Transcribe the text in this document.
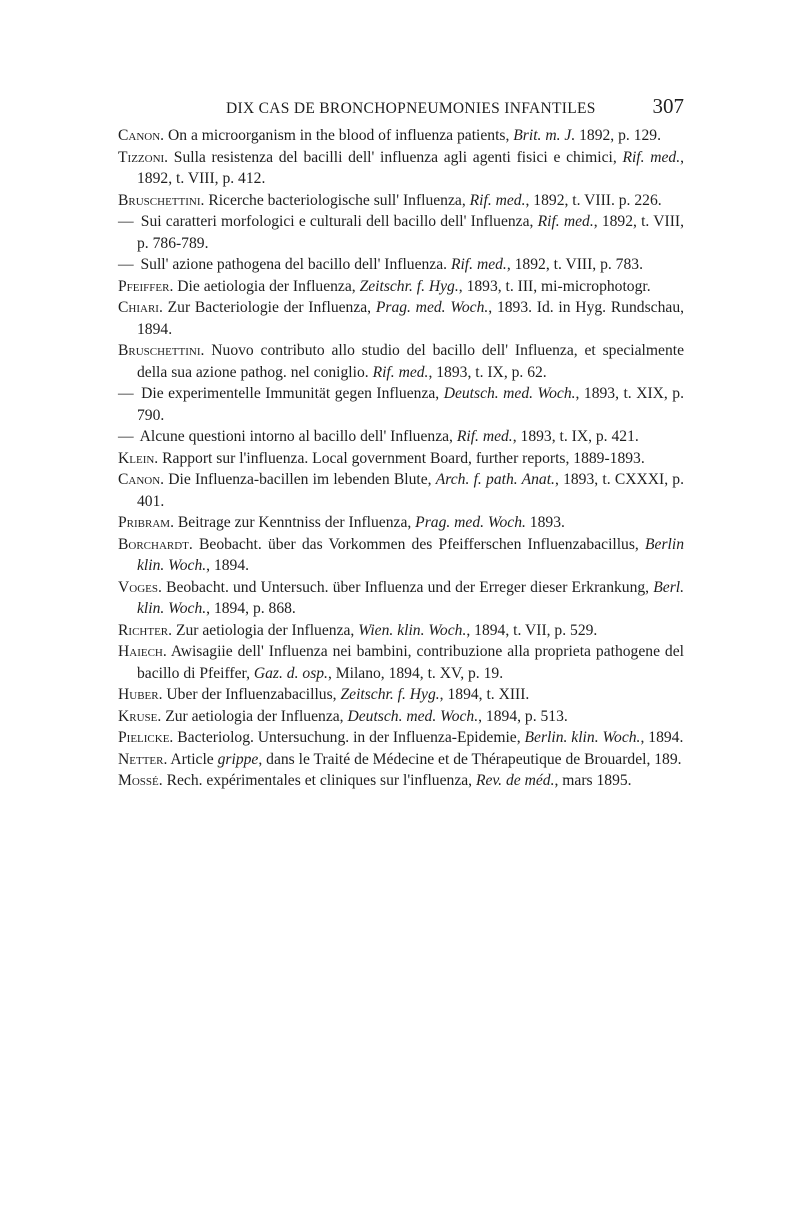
DIX CAS DE BRONCHOPNEUMONIES INFANTILES	307
Canon. On a microorganism in the blood of influenza patients, Brit. m. J. 1892, p. 129.
Tizzoni. Sulla resistenza del bacilli dell' influenza agli agenti fisici e chimici, Rif. med., 1892, t. VIII, p. 412.
Bruschettini. Ricerche bacteriologische sull' Influenza, Rif. med., 1892, t. VIII. p. 226.
— Sui caratteri morfologici e culturali dell bacillo dell' Influenza, Rif. med., 1892, t. VIII, p. 786-789.
— Sull' azione pathogena del bacillo dell' Influenza. Rif. med., 1892, t. VIII, p. 783.
Pfeiffer. Die aetiologia der Influenza, Zeitschr. f. Hyg., 1893, t. III, mi-microphotogr.
Chiari. Zur Bacteriologie der Influenza, Prag. med. Woch., 1893. Id. in Hyg. Rundschau, 1894.
Bruschettini. Nuovo contributo allo studio del bacillo dell' Influenza, et specialmente della sua azione pathog. nel coniglio. Rif. med., 1893, t. IX, p. 62.
— Die experimentelle Immunität gegen Influenza, Deutsch. med. Woch., 1893, t. XIX, p. 790.
— Alcune questioni intorno al bacillo dell' Influenza, Rif. med., 1893, t. IX, p. 421.
Klein. Rapport sur l'influenza. Local government Board, further reports, 1889-1893.
Canon. Die Influenza-bacillen im lebenden Blute, Arch. f. path. Anat., 1893, t. CXXXI, p. 401.
Pribram. Beitrage zur Kenntniss der Influenza, Prag. med. Woch. 1893.
Borchardt. Beobacht. über das Vorkommen des Pfeifferschen Influenzabacillus, Berlin klin. Woch., 1894.
Voges. Beobacht. und Untersuch. über Influenza und der Erreger dieser Erkrankung, Berl. klin. Woch., 1894, p. 868.
Richter. Zur aetiologia der Influenza, Wien. klin. Woch., 1894, t. VII, p. 529.
Haiech. Awisagiie dell' Influenza nei bambini, contribuzione alla proprieta pathogene del bacillo di Pfeiffer, Gaz. d. osp., Milano, 1894, t. XV, p. 19.
Huber. Uber der Influenzabacillus, Zeitschr. f. Hyg., 1894, t. XIII.
Kruse. Zur aetiologia der Influenza, Deutsch. med. Woch., 1894, p. 513.
Pielicke. Bacteriolog. Untersuchung. in der Influenza-Epidemie, Berlin. klin. Woch., 1894.
Netter. Article grippe, dans le Traité de Médecine et de Thérapeutique de Brouardel, 189.
Mossé. Rech. expérimentales et cliniques sur l'influenza, Rev. de méd., mars 1895.
